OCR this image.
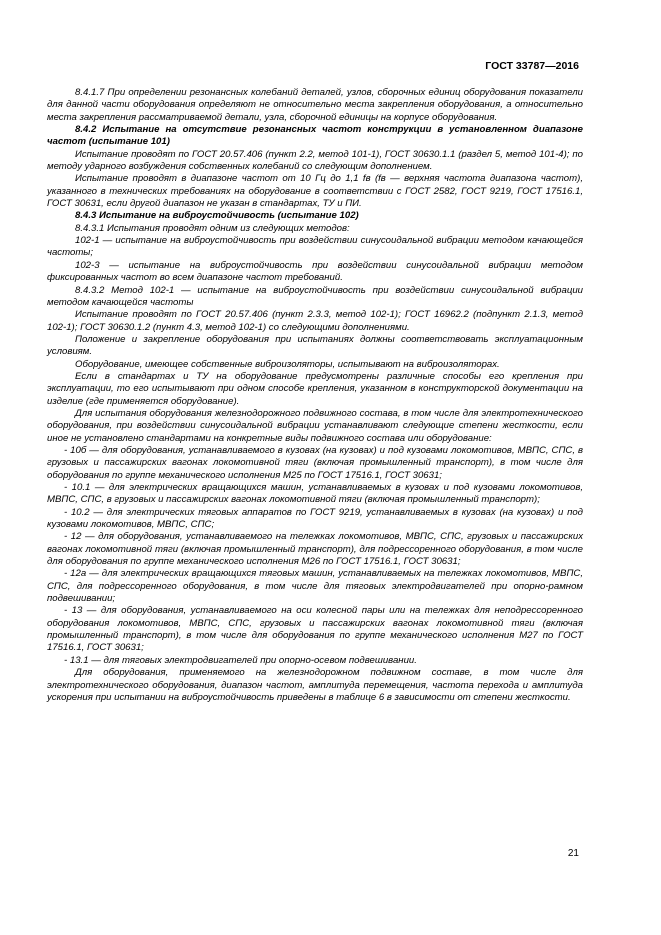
ГОСТ 33787—2016

8.4.1.7 При определении резонансных колебаний деталей, узлов, сборочных единиц оборудования показатели для данной части оборудования определяют не относительно места закрепления оборудования, а относительно места закрепления рассматриваемой детали, узла, сборочной единицы на корпусе оборудования.

8.4.2 Испытание на отсутствие резонансных частот конструкции в установленном диапазоне частот (испытание 101)

Испытание проводят по ГОСТ 20.57.406 (пункт 2.2, метод 101-1), ГОСТ 30630.1.1 (раздел 5, метод 101-4); по методу ударного возбуждения собственных колебаний со следующим дополнением.

Испытание проводят в диапазоне частот от 10 Гц до 1,1 fв (fв — верхняя частота диапазона частот), указанного в технических требованиях на оборудование в соответствии с ГОСТ 2582, ГОСТ 9219, ГОСТ 17516.1, ГОСТ 30631, если другой диапазон не указан в стандартах, ТУ и ПИ.

8.4.3 Испытание на виброустойчивость (испытание 102)

8.4.3.1 Испытания проводят одним из следующих методов:

102-1 — испытание на виброустойчивость при воздействии синусоидальной вибрации методом качающейся частоты;

102-3 — испытание на виброустойчивость при воздействии синусоидальной вибрации методом фиксированных частот во всем диапазоне частот требований.

8.4.3.2 Метод 102-1 — испытание на виброустойчивость при воздействии синусоидальной вибрации методом качающейся частоты

Испытание проводят по ГОСТ 20.57.406 (пункт 2.3.3, метод 102-1); ГОСТ 16962.2 (подпункт 2.1.3, метод 102-1); ГОСТ 30630.1.2 (пункт 4.3, метод 102-1) со следующими дополнениями.

Положение и закрепление оборудования при испытаниях должны соответствовать эксплуатационным условиям.

Оборудование, имеющее собственные виброизоляторы, испытывают на виброизоляторах.

Если в стандартах и ТУ на оборудование предусмотрены различные способы его крепления при эксплуатации, то его испытывают при одном способе крепления, указанном в конструкторской документации на изделие (где применяется оборудование).

Для испытания оборудования железнодорожного подвижного состава, в том числе для электротехнического оборудования, при воздействии синусоидальной вибрации устанавливают следующие степени жесткости, если иное не установлено стандартами на конкретные виды подвижного состава или оборудование:

- 10б — для оборудования, устанавливаемого в кузовах (на кузовах) и под кузовами локомотивов, МВПС, СПС, в грузовых и пассажирских вагонах локомотивной тяги (включая промышленный транспорт), в том числе для оборудования по группе механического исполнения М25 по ГОСТ 17516.1, ГОСТ 30631;

- 10.1 — для электрических вращающихся машин, устанавливаемых в кузовах и под кузовами локомотивов, МВПС, СПС, в грузовых и пассажирских вагонах локомотивной тяги (включая промышленный транспорт);

- 10.2 — для электрических тяговых аппаратов по ГОСТ 9219, устанавливаемых в кузовах (на кузовах) и под кузовами локомотивов, МВПС, СПС;

- 12 — для оборудования, устанавливаемого на тележках локомотивов, МВПС, СПС, грузовых и пассажирских вагонах локомотивной тяги (включая промышленный транспорт), для подрессоренного оборудования, в том числе для оборудования по группе механического исполнения М26 по ГОСТ 17516.1, ГОСТ 30631;

- 12а — для электрических вращающихся тяговых машин, устанавливаемых на тележках локомотивов, МВПС, СПС, для подрессоренного оборудования, в том числе для тяговых электродвигателей при опорно-рамном подвешивании;

- 13 — для оборудования, устанавливаемого на оси колесной пары или на тележках для неподрессоренного оборудования локомотивов, МВПС, СПС, грузовых и пассажирских вагонах локомотивной тяги (включая промышленный транспорт), в том числе для оборудования по группе механического исполнения М27 по ГОСТ 17516.1, ГОСТ 30631;

- 13.1 — для тяговых электродвигателей при опорно-осевом подвешивании.

Для оборудования, применяемого на железнодорожном подвижном составе, в том числе для электротехнического оборудования, диапазон частот, амплитуда перемещения, частота перехода и амплитуда ускорения при испытании на виброустойчивость приведены в таблице 6 в зависимости от степени жесткости.

21
